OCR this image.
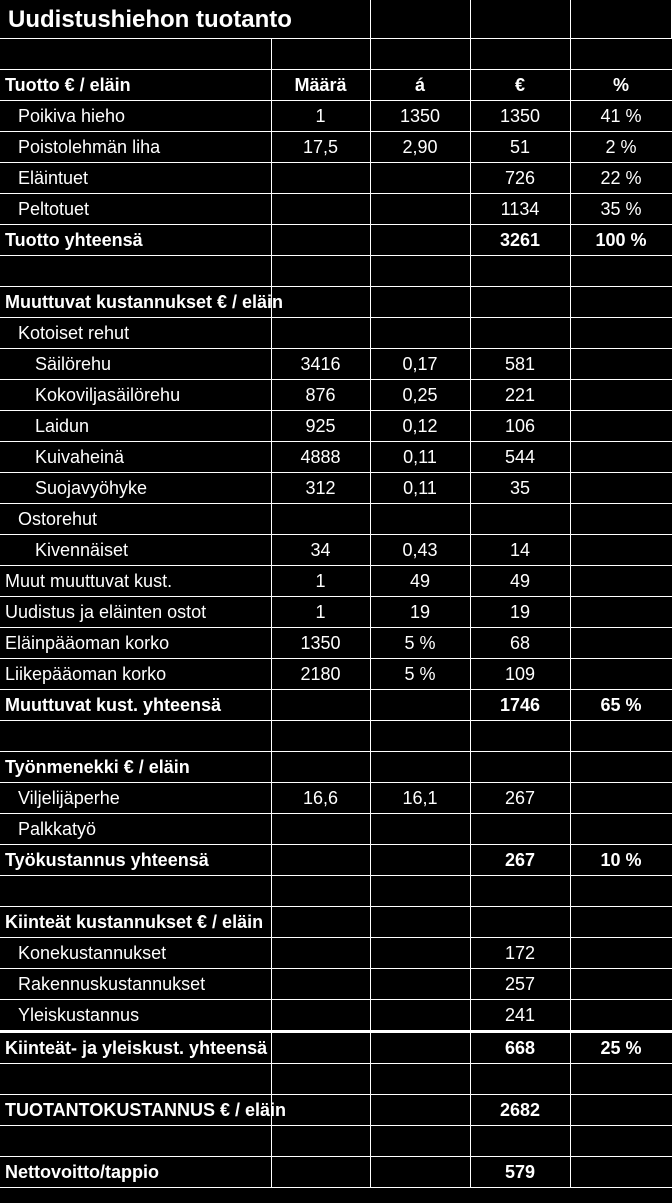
Uudistushiehon tuotanto

Tuotto € / eläin	Määrä	á	€	%
Poikiva hieho	1	1350	1350	41 %
Poistolehmän liha	17,5	2,90	51	2 %
Eläintuet			726	22 %
Peltotuet			1134	35 %
Tuotto yhteensä			3261	100 %

Muuttuvat kustannukset € / eläin				
Kotoiset rehut				
Säilörehu	3416	0,17	581	
Kokoviljasäilörehu	876	0,25	221	
Laidun	925	0,12	106	
Kuivaheinä	4888	0,11	544	
Suojavyöhyke	312	0,11	35	
Ostorehut				
Kivennäiset	34	0,43	14	
Muut muuttuvat kust.	1	49	49	
Uudistus ja eläinten ostot	1	19	19	
Eläinpääoman korko	1350	5 %	68	
Liikepääoman korko	2180	5 %	109	
Muuttuvat kust. yhteensä			1746	65 %

Työnmenekki € / eläin				
Viljelijäperhe	16,6	16,1	267	
Palkkatyö				
Työkustannus yhteensä			267	10 %

Kiinteät kustannukset € / eläin				
Konekustannukset			172	
Rakennuskustannukset			257	
Yleiskustannus			241	
Kiinteät- ja yleiskust. yhteensä			668	25 %

TUOTANTOKUSTANNUS € / eläin			2682	

Nettovoitto/tappio			579	
